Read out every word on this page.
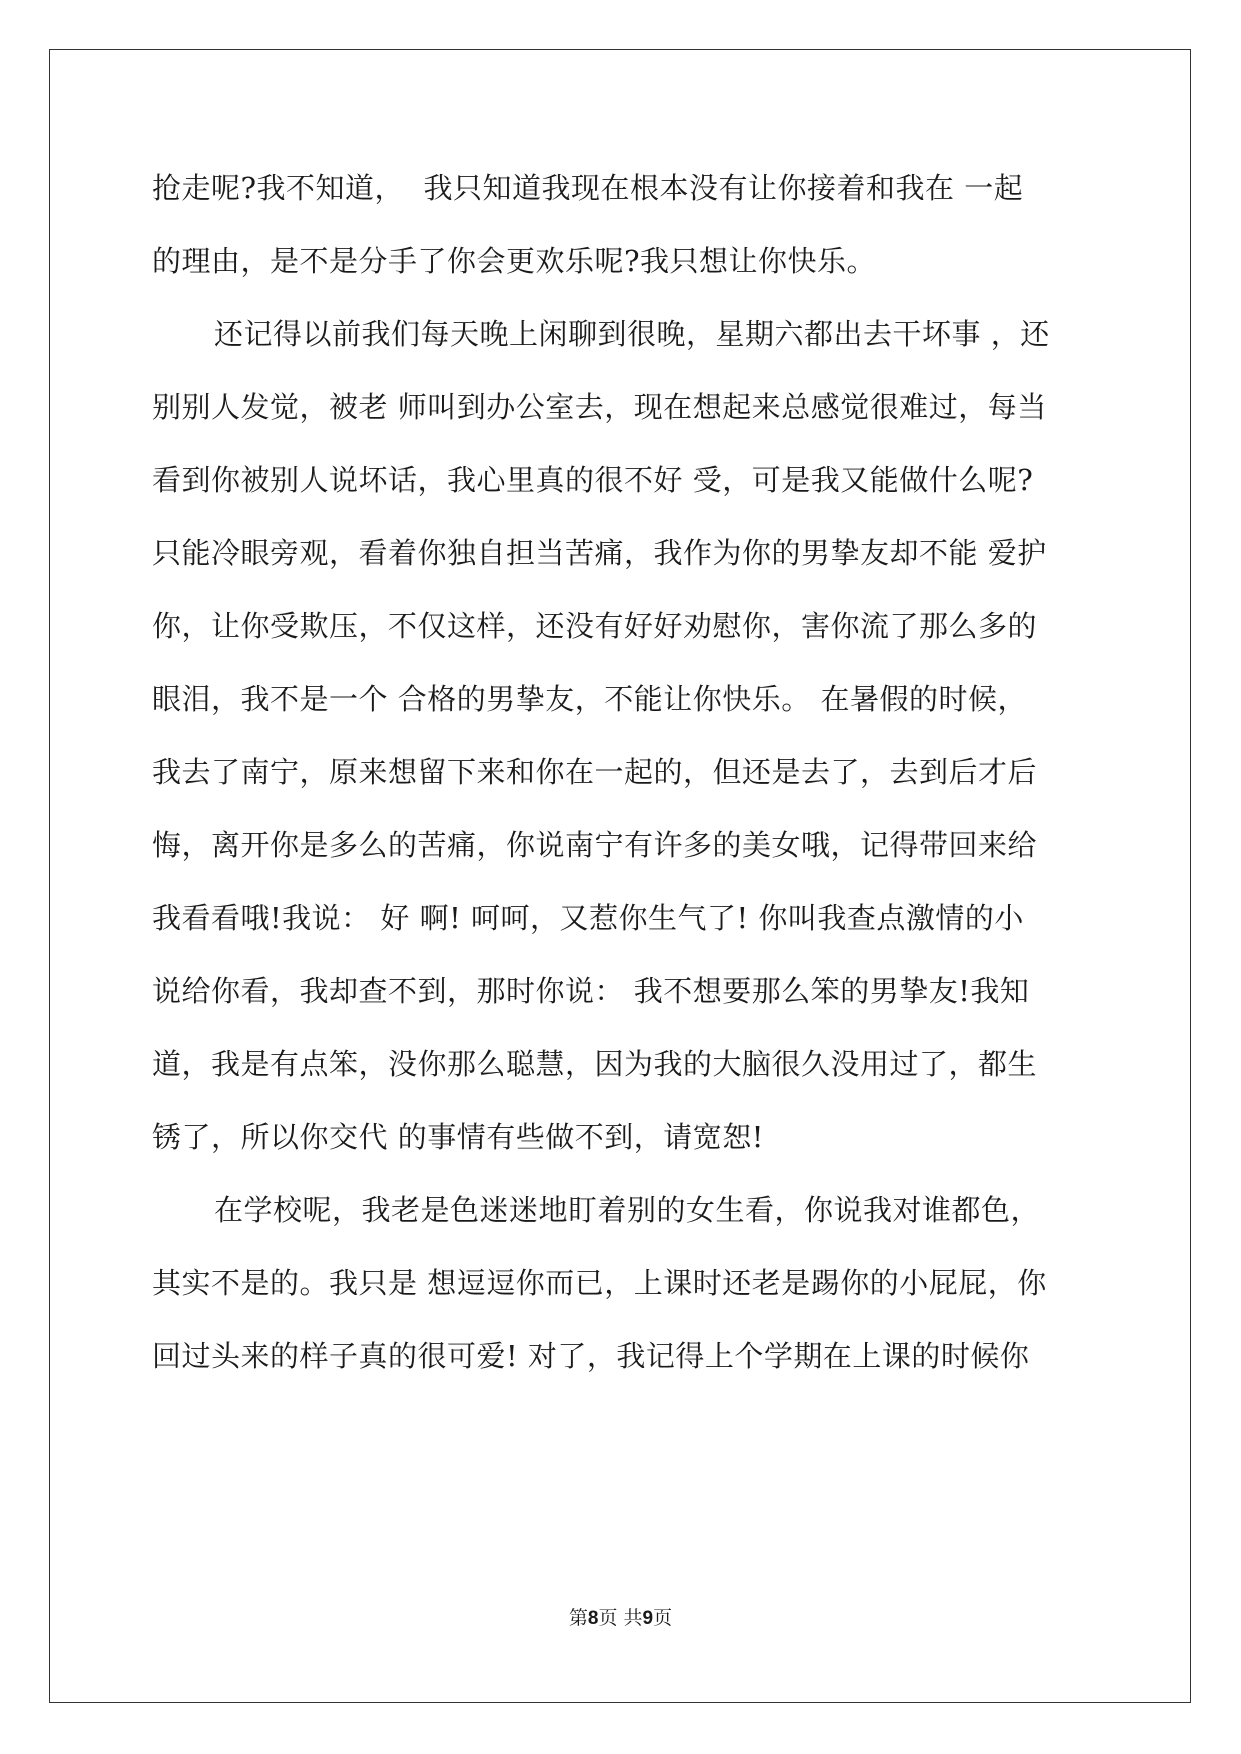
抢走呢?我不知道，  我只知道我现在根本没有让你接着和我在 一起
的理由，是不是分手了你会更欢乐呢?我只想让你快乐。
还记得以前我们每天晚上闲聊到很晚，星期六都出去干坏事 ，还
别别人发觉，被老 师叫到办公室去，现在想起来总感觉很难过，每当
看到你被别人说坏话，我心里真的很不好 受，可是我又能做什么呢?
只能冷眼旁观，看着你独自担当苦痛，我作为你的男挚友却不能 爱护
你，让你受欺压，不仅这样，还没有好好劝慰你，害你流了那么多的
眼泪，我不是一个 合格的男挚友，不能让你快乐。 在暑假的时候，
我去了南宁，原来想留下来和你在一起的，但还是去了，去到后才后
悔，离开你是多么的苦痛，你说南宁有许多的美女哦，记得带回来给
我看看哦!我说： 好 啊! 呵呵，又惹你生气了! 你叫我查点激情的小
说给你看，我却查不到，那时你说： 我不想要那么笨的男挚友!我知
道，我是有点笨，没你那么聪慧，因为我的大脑很久没用过了，都生
锈了，所以你交代 的事情有些做不到，请宽恕!
在学校呢，我老是色迷迷地盯着别的女生看，你说我对谁都色，
其实不是的。我只是 想逗逗你而已，上课时还老是踢你的小屁屁，你
回过头来的样子真的很可爱! 对了，我记得上个学期在上课的时候你
第8页 共9页
